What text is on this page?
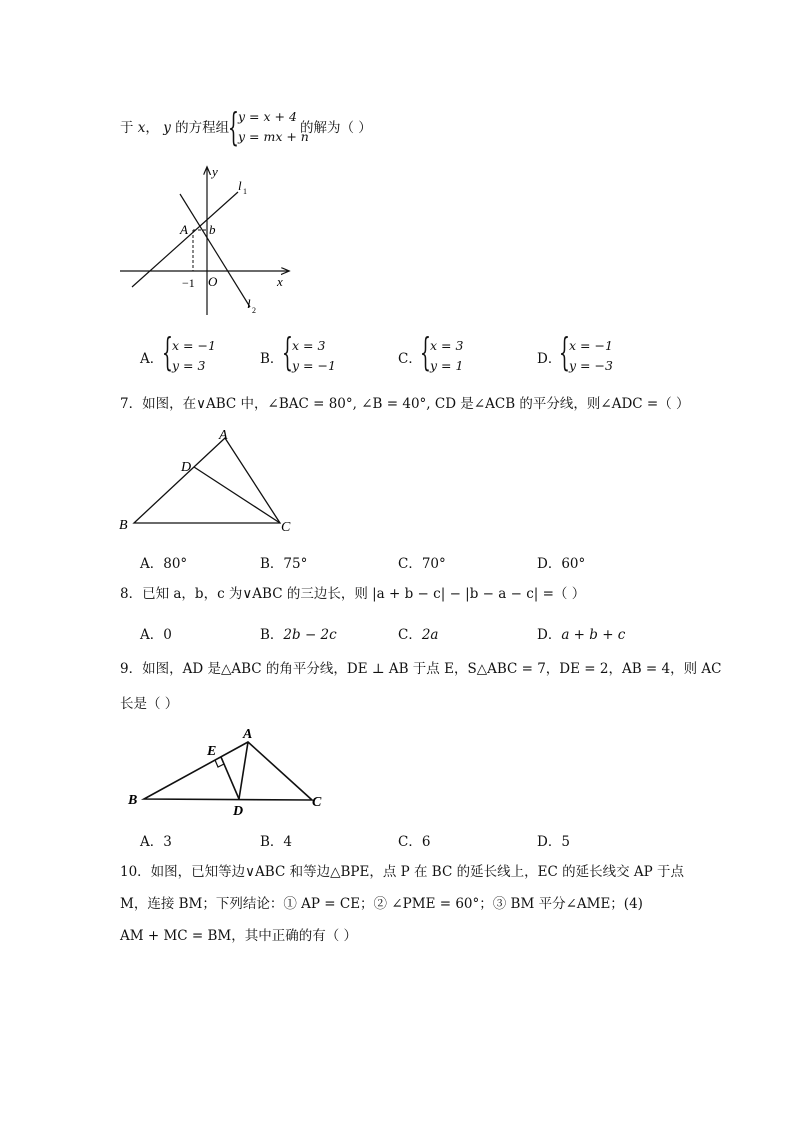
于 x， y 的方程组
{ y = x + 4
y = mx + n
的解为（ ）
y
x
O
−1
A b
l 1
l 2
A．
{ x = −1
y = 3	B．
{ x = 3
y = −1	C．
{ x = 3
y = 1	D．
{ x = −1
y = −3
7．如图，在∨ABC 中，∠BAC = 80°, ∠B = 40°, CD 是∠ACB 的平分线，则∠ADC =（ ）
A
D
B	C
A．80°	B．75°	C．70°	D．60°
8．已知 a，b，c 为∨ABC 的三边长，则 |a + b − c| − |b − a − c| =（ ）
A．0	B．2b − 2c	C．2a	D．a + b + c
9．如图，AD 是△ABC 的角平分线，DE ⊥ AB 于点 E，S△ABC = 7，DE = 2，AB = 4，则 AC
长是（ ）
A
E
B
D
C
A．3	B．4	C．6	D．5
10．如图，已知等边∨ABC 和等边△BPE，点 P 在 BC 的延长线上，EC 的延长线交 AP 于点
M，连接 BM；下列结论：① AP = CE；② ∠PME = 60°；③ BM 平分∠AME；(4)
AM + MC = BM，其中正确的有（ ）
